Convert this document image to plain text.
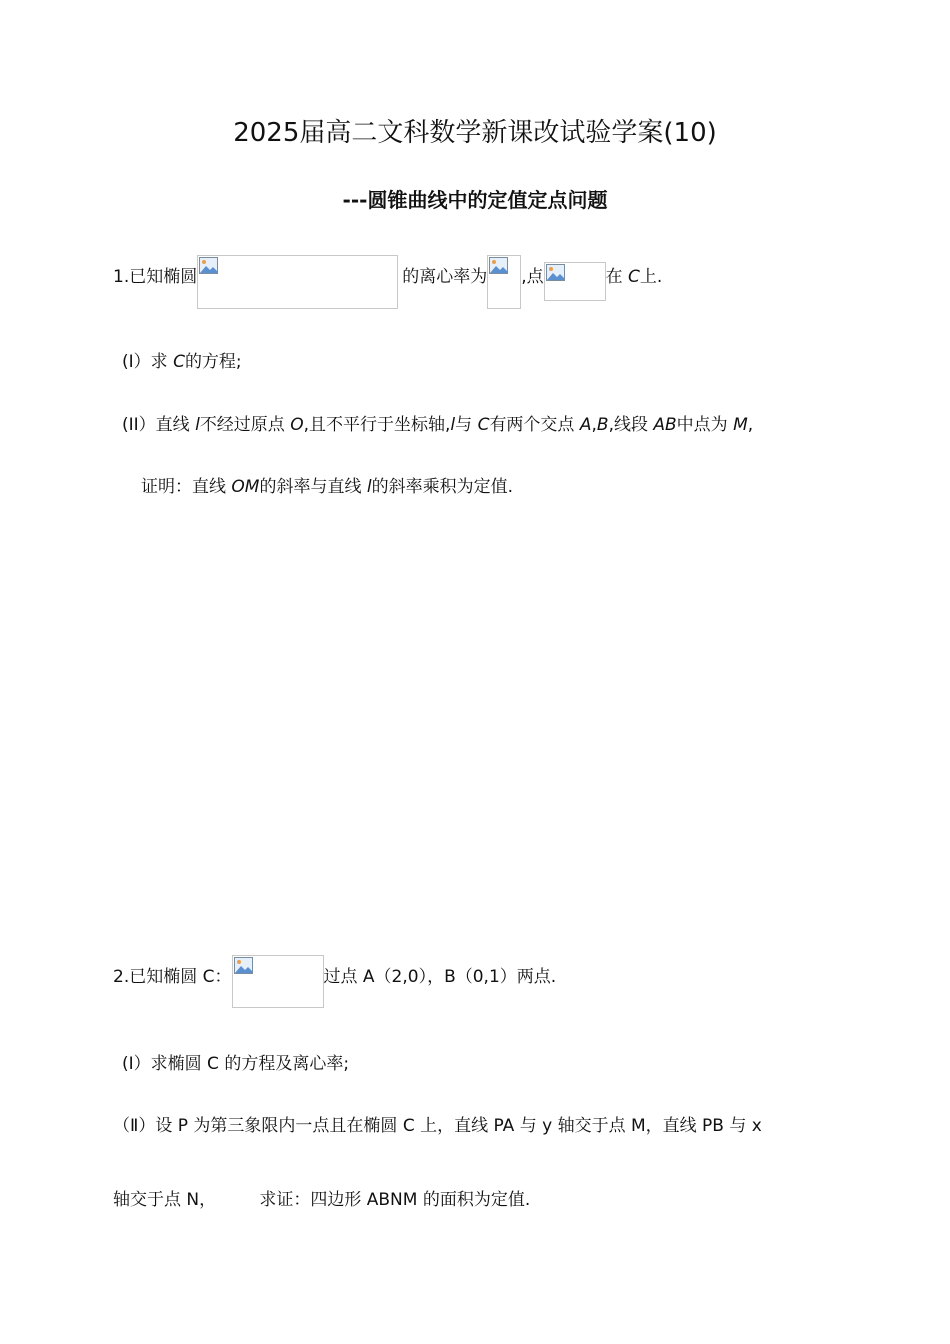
2025届高二文科数学新课改试验学案(10)
---圆锥曲线中的定值定点问题
1.已知椭圆	的离心率为 ,点	在 C上.
(I）求 C的方程;
(II）直线 l不经过原点 O,且不平行于坐标轴,l与 C有两个交点 A,B,线段 AB中点为 M,
证明：直线 OM的斜率与直线 l的斜率乘积为定值.
2.已知椭圆 C：	过点 A（2,0），B（0,1）两点.
(I）求椭圆 C 的方程及离心率;
（Ⅱ）设 P 为第三象限内一点且在椭圆 C 上，直线 PA 与 y 轴交于点 M，直线 PB 与 x
轴交于点 N，        求证：四边形 ABNM 的面积为定值.
